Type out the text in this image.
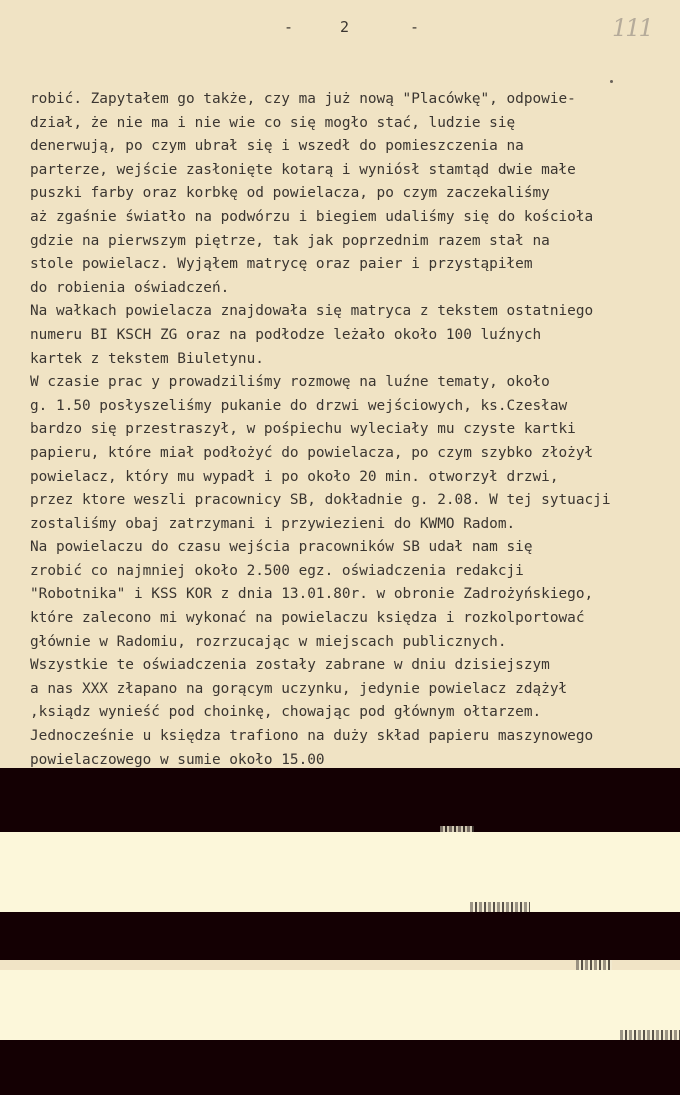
-	2	-	111
robić. Zapytałem go także, czy ma już nową "Placówkę", odpowie-
dział, że nie ma i nie wie co się mogło stać, ludzie się
denerwują, po czym ubrał się i wszedł do pomieszczenia na
parterze, wejście zasłonięte kotarą i wyniósł stamtąd dwie małe
puszki farby oraz korbkę od powielacza, po czym zaczekaliśmy
aż zgaśnie światło na podwórzu i biegiem udaliśmy się do kościoła
gdzie na pierwszym piętrze, tak jak poprzednim razem stał na
stole powielacz. Wyjąłem matrycę oraz paier i przystąpiłem
do robienia oświadczeń.
Na wałkach powielacza znajdowała się matryca z tekstem ostatniego
numeru BI KSCH ZG oraz na podłodze leżało około 100 luźnych
kartek z tekstem Biuletynu.
W czasie prac y prowadziliśmy rozmowę na luźne tematy, około
g. 1.50 posłyszeliśmy pukanie do drzwi wejściowych, ks.Czesław
bardzo się przestraszył, w pośpiechu wyleciały mu czyste kartki
papieru, które miał podłożyć do powielacza, po czym szybko złożył
powielacz, który mu wypadł i po około 20 min. otworzył drzwi,
przez ktore weszli pracownicy SB, dokładnie g. 2.08. W tej sytuacji
zostaliśmy obaj zatrzymani i przywiezieni do KWMO Radom.
Na powielaczu do czasu wejścia pracowników SB udał nam się
zrobić co najmniej około 2.500 egz. oświadczenia redakcji
"Robotnika" i KSS KOR z dnia 13.01.80r. w obronie Zadrożyńskiego,
które zalecono mi wykonać na powielaczu księdza i rozkolportować
głównie w Radomiu, rozrzucając w miejscach publicznych.
Wszystkie te oświadczenia zostały zabrane w dniu dzisiejszym
a nas XXX złapano na gorącym uczynku, jedynie powielacz zdążył
,ksiądz wynieść pod choinkę, chowając pod głównym ołtarzem.
Jednocześnie u księdza trafiono na duży skład papieru maszynowego
powielaczowego w sumie około 15.00
